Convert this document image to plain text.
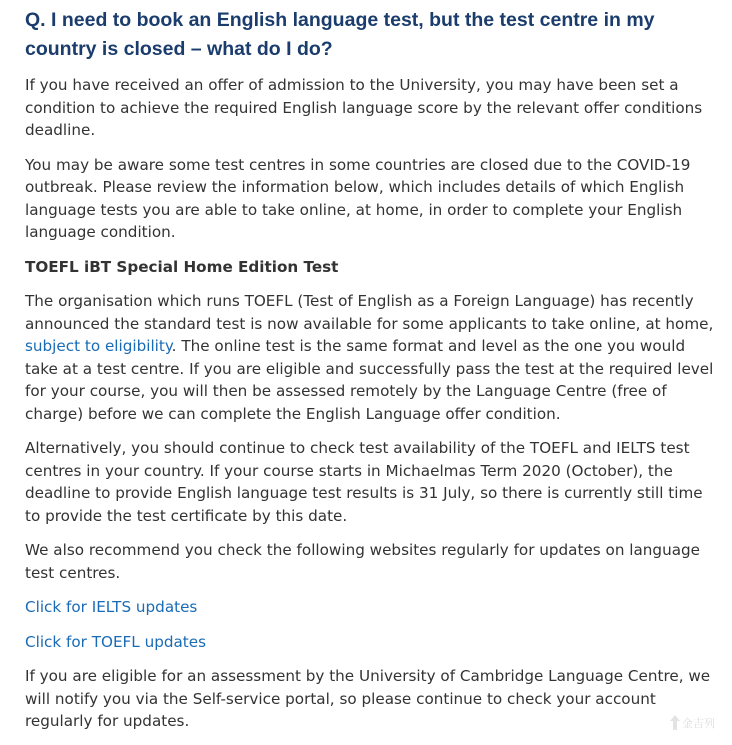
Q. I need to book an English language test, but the test centre in my country is closed – what do I do?

If you have received an offer of admission to the University, you may have been set a condition to achieve the required English language score by the relevant offer conditions deadline.

You may be aware some test centres in some countries are closed due to the COVID-19 outbreak. Please review the information below, which includes details of which English language tests you are able to take online, at home, in order to complete your English language condition.

TOEFL iBT Special Home Edition Test

The organisation which runs TOEFL (Test of English as a Foreign Language) has recently announced the standard test is now available for some applicants to take online, at home, subject to eligibility. The online test is the same format and level as the one you would take at a test centre. If you are eligible and successfully pass the test at the required level for your course, you will then be assessed remotely by the Language Centre (free of charge) before we can complete the English Language offer condition.

Alternatively, you should continue to check test availability of the TOEFL and IELTS test centres in your country. If your course starts in Michaelmas Term 2020 (October), the deadline to provide English language test results is 31 July, so there is currently still time to provide the test certificate by this date.

We also recommend you check the following websites regularly for updates on language test centres.

Click for IELTS updates

Click for TOEFL updates

If you are eligible for an assessment by the University of Cambridge Language Centre, we will notify you via the Self-service portal, so please continue to check your account regularly for updates.	金吉列
